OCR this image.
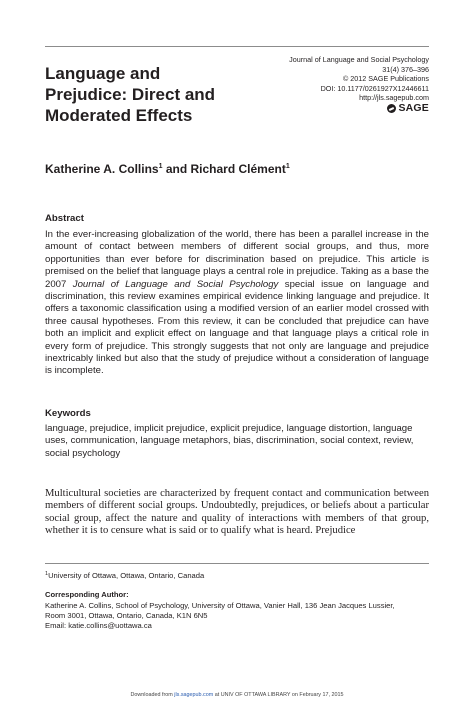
Language and
Prejudice: Direct and
Moderated Effects
Journal of Language and Social Psychology
31(4) 376–396
© 2012 SAGE Publications
DOI: 10.1177/0261927X12446611
http://jls.sagepub.com
SAGE
Katherine A. Collins$^1$ and Richard Clément$^1$
Abstract
In the ever-increasing globalization of the world, there has been a parallel increase in the amount of contact between members of different social groups, and thus, more opportunities than ever before for discrimination based on prejudice. This article is premised on the belief that language plays a central role in prejudice. Taking as a base the 2007 Journal of Language and Social Psychology special issue on language and discrimination, this review examines empirical evidence linking language and prejudice. It offers a taxonomic classification using a modified version of an earlier model crossed with three causal hypotheses. From this review, it can be concluded that prejudice can have both an implicit and explicit effect on language and that language plays a critical role in every form of prejudice. This strongly suggests that not only are language and prejudice inextricably linked but also that the study of prejudice without a consideration of language is incomplete.
Keywords
language, prejudice, implicit prejudice, explicit prejudice, language distortion, language uses, communication, language metaphors, bias, discrimination, social context, review, social psychology
Multicultural societies are characterized by frequent contact and communication between members of different social groups. Undoubtedly, prejudices, or beliefs about a particular social group, affect the nature and quality of interactions with members of that group, whether it is to censure what is said or to qualify what is heard. Prejudice
$^1$University of Ottawa, Ottawa, Ontario, Canada
Corresponding Author:
Katherine A. Collins, School of Psychology, University of Ottawa, Vanier Hall, 136 Jean Jacques Lussier,
Room 3001, Ottawa, Ontario, Canada, K1N 6N5
Email: katie.collins@uottawa.ca
Downloaded from jls.sagepub.com at UNIV OF OTTAWA LIBRARY on February 17, 2015
